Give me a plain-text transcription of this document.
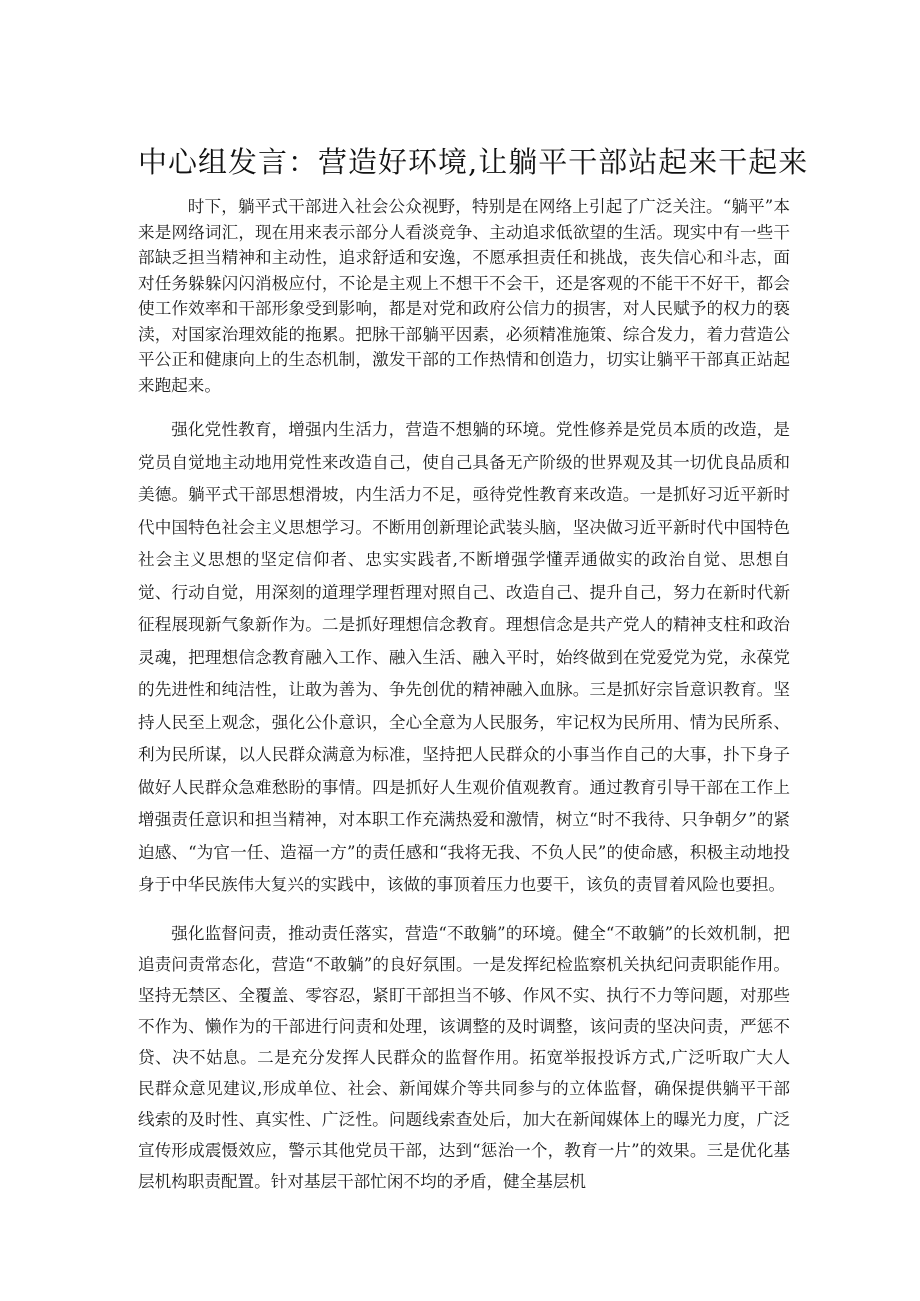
中心组发言：营造好环境,让躺平干部站起来干起来

时下，躺平式干部进入社会公众视野，特别是在网络上引起了广泛关注。“躺平”本来是网络词汇，现在用来表示部分人看淡竞争、主动追求低欲望的生活。现实中有一些干部缺乏担当精神和主动性，追求舒适和安逸，不愿承担责任和挑战，丧失信心和斗志，面对任务躲躲闪闪消极应付，不论是主观上不想干不会干，还是客观的不能干不好干，都会使工作效率和干部形象受到影响，都是对党和政府公信力的损害，对人民赋予的权力的亵渎，对国家治理效能的拖累。把脉干部躺平因素，必须精准施策、综合发力，着力营造公平公正和健康向上的生态机制，激发干部的工作热情和创造力，切实让躺平干部真正站起来跑起来。

强化党性教育，增强内生活力，营造不想躺的环境。党性修养是党员本质的改造，是党员自觉地主动地用党性来改造自己，使自己具备无产阶级的世界观及其一切优良品质和美德。躺平式干部思想滑坡，内生活力不足，亟待党性教育来改造。一是抓好习近平新时代中国特色社会主义思想学习。不断用创新理论武装头脑，坚决做习近平新时代中国特色社会主义思想的坚定信仰者、忠实实践者,不断增强学懂弄通做实的政治自觉、思想自觉、行动自觉，用深刻的道理学理哲理对照自己、改造自己、提升自己，努力在新时代新征程展现新气象新作为。二是抓好理想信念教育。理想信念是共产党人的精神支柱和政治灵魂，把理想信念教育融入工作、融入生活、融入平时，始终做到在党爱党为党，永葆党的先进性和纯洁性，让敢为善为、争先创优的精神融入血脉。三是抓好宗旨意识教育。坚持人民至上观念，强化公仆意识，全心全意为人民服务，牢记权为民所用、情为民所系、利为民所谋，以人民群众满意为标准，坚持把人民群众的小事当作自己的大事，扑下身子做好人民群众急难愁盼的事情。四是抓好人生观价值观教育。通过教育引导干部在工作上增强责任意识和担当精神，对本职工作充满热爱和激情，树立“时不我待、只争朝夕”的紧迫感、“为官一任、造福一方”的责任感和“我将无我、不负人民”的使命感，积极主动地投身于中华民族伟大复兴的实践中，该做的事顶着压力也要干，该负的责冒着风险也要担。

强化监督问责，推动责任落实，营造“不敢躺”的环境。健全“不敢躺”的长效机制，把追责问责常态化，营造“不敢躺”的良好氛围。一是发挥纪检监察机关执纪问责职能作用。坚持无禁区、全覆盖、零容忍，紧盯干部担当不够、作风不实、执行不力等问题，对那些不作为、懒作为的干部进行问责和处理，该调整的及时调整，该问责的坚决问责，严惩不贷、决不姑息。二是充分发挥人民群众的监督作用。拓宽举报投诉方式,广泛听取广大人民群众意见建议,形成单位、社会、新闻媒介等共同参与的立体监督，确保提供躺平干部线索的及时性、真实性、广泛性。问题线索查处后，加大在新闻媒体上的曝光力度，广泛宣传形成震慑效应，警示其他党员干部，达到“惩治一个，教育一片”的效果。三是优化基层机构职责配置。针对基层干部忙闲不均的矛盾，健全基层机
